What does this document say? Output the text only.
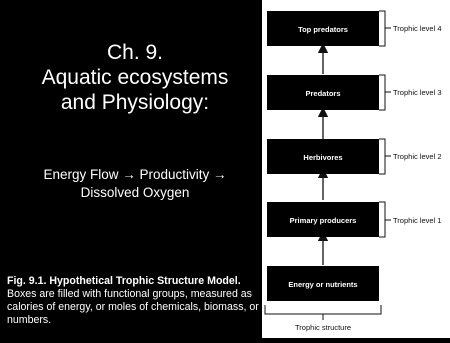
Ch. 9.
Aquatic ecosystems
and Physiology:
Energy Flow → Productivity →
Dissolved Oxygen
Fig. 9.1. Hypothetical Trophic Structure Model. Boxes are filled with functional groups, measured as calories of energy, or moles of chemicals, biomass, or numbers.
Top predators
Predators
Herbivores
Primary producers
Energy or nutrients
Trophic level 4
Trophic level 3
Trophic level 2
Trophic level 1
Trophic structure
